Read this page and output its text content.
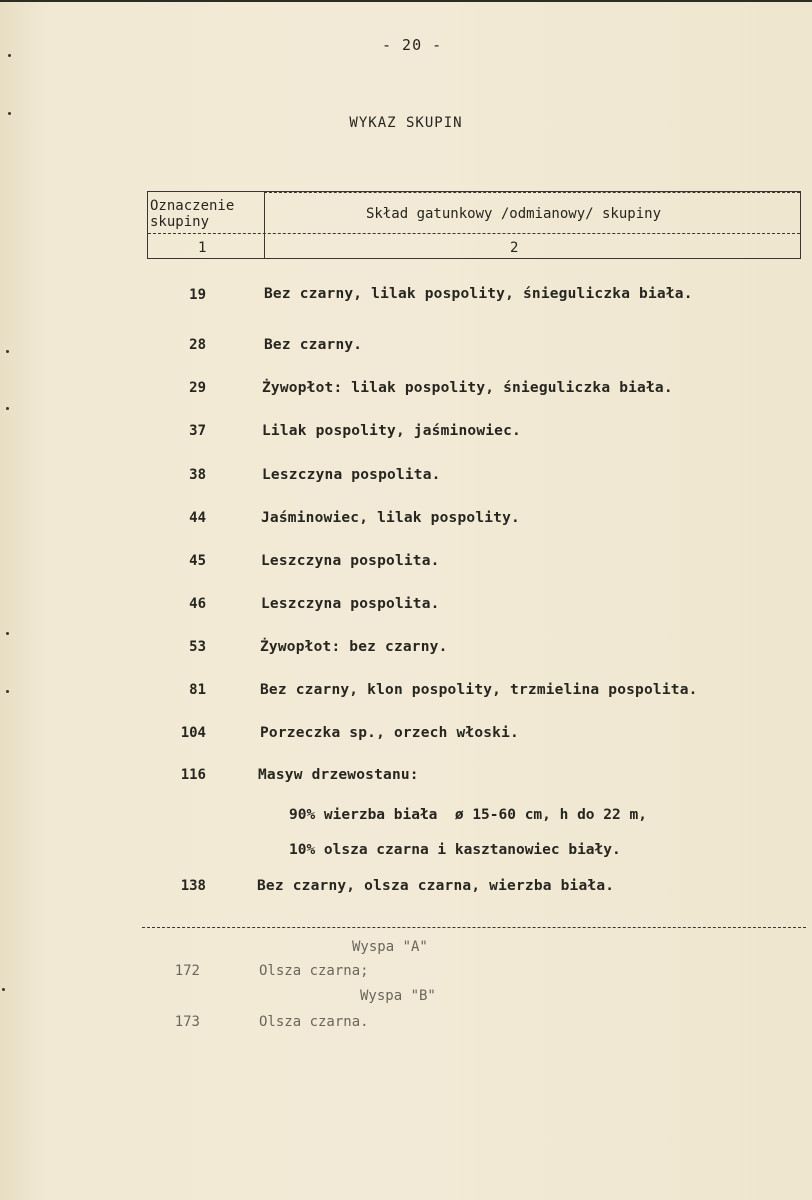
- 20 -
WYKAZ SKUPIN
Oznaczenie
skupiny	Skład gatunkowy /odmianowy/ skupiny
1	2
19	Bez czarny, lilak pospolity, śnieguliczka biała.
28	Bez czarny.
29	Żywopłot: lilak pospolity, śnieguliczka biała.
37	Lilak pospolity, jaśminowiec.
38	Leszczyna pospolita.
44	Jaśminowiec, lilak pospolity.
45	Leszczyna pospolita.
46	Leszczyna pospolita.
53	Żywopłot: bez czarny.
81	Bez czarny, klon pospolity, trzmielina pospolita.
104	Porzeczka sp., orzech włoski.
116	Masyw drzewostanu:
90% wierzba biała  ø 15-60 cm, h do 22 m,
10% olsza czarna i kasztanowiec biały.
138	Bez czarny, olsza czarna, wierzba biała.
Wyspa "A"
172	Olsza czarna;
Wyspa "B"
173	Olsza czarna.
